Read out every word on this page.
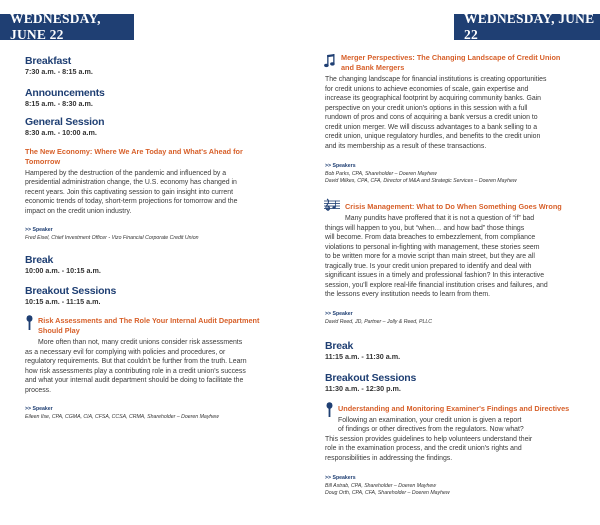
WEDNESDAY, JUNE 22
WEDNESDAY, JUNE 22
Breakfast
7:30 a.m. - 8:15 a.m.
Announcements
8:15 a.m. - 8:30 a.m.
General Session
8:30 a.m. - 10:00 a.m.
The New Economy: Where We Are Today and What's Ahead for
Tomorrow
Hampered by the destruction of the pandemic and influenced by a
presidential administration change, the U.S. economy has changed in
recent years. Join this captivating session to gain insight into current
economic trends of today, short-term projections for tomorrow and the
impact on the credit union industry.
>> Speaker
Fred Eisel, Chief Investment Officer - Vizo Financial Corporate Credit Union
Break
10:00 a.m. - 10:15 a.m.
Breakout Sessions
10:15 a.m. - 11:15 a.m.
Risk Assessments and The Role Your Internal Audit Department
Should Play
More often than not, many credit unions consider risk assessments
as a necessary evil for complying with policies and procedures, or
regulatory requirements. But that couldn't be further from the truth. Learn
how risk assessments play a contributing role in a credit union's success
and what your internal audit department should be doing to facilitate the
process.
>> Speaker
Eileen Ilse, CPA, CGMA, CIA, CFSA, CCSA, CRMA, Shareholder – Doeren Mayhew
Merger Perspectives: The Changing Landscape of Credit Union
and Bank Mergers
The changing landscape for financial institutions is creating opportunities
for credit unions to achieve economies of scale, gain expertise and
increase its geographical footprint by acquiring community banks. Gain
perspective on your credit union's options in this session with a full
rundown of pros and cons of acquiring a bank versus a credit union to
credit union merger. We will discuss advantages to a bank selling to a
credit union, unique regulatory hurdles, and benefits to the credit union
and its membership as a result of these transactions.
>> Speakers
Bob Parks, CPA, Shareholder – Doeren Mayhew
David Milkes, CPA, CFA, Director of M&A and Strategic Services – Doeren Mayhew
Crisis Management: What to Do When Something Goes Wrong
Many pundits have proffered that it is not a question of “if” bad
things will happen to you, but “when… and how bad” those things
will become. From data breaches to embezzlement, from compliance
violations to personal in-fighting with management, these stories seem
to be written more for a movie script than main street, but they are all
tragically true. Is your credit union prepared to identify and deal with
significant issues in a timely and professional fashion? In this interactive
session, you'll explore real-life financial institution crises and failures, and
the lessons every institution needs to learn from them.
>> Speaker
David Reed, JD, Partner – Jolly & Reed, PLLC
Break
11:15 a.m. - 11:30 a.m.
Breakout Sessions
11:30 a.m. - 12:30 p.m.
Understanding and Monitoring Examiner's Findings and Directives
Following an examination, your credit union is given a report
of findings or other directives from the regulators. Now what?
This session provides guidelines to help volunteers understand their
role in the examination process, and the credit union's rights and
responsibilities in addressing the findings.
>> Speakers
Bill Astrab, CPA, Shareholder – Doeren Mayhew
Doug Orth, CPA, CFA, Shareholder – Doeren Mayhew
